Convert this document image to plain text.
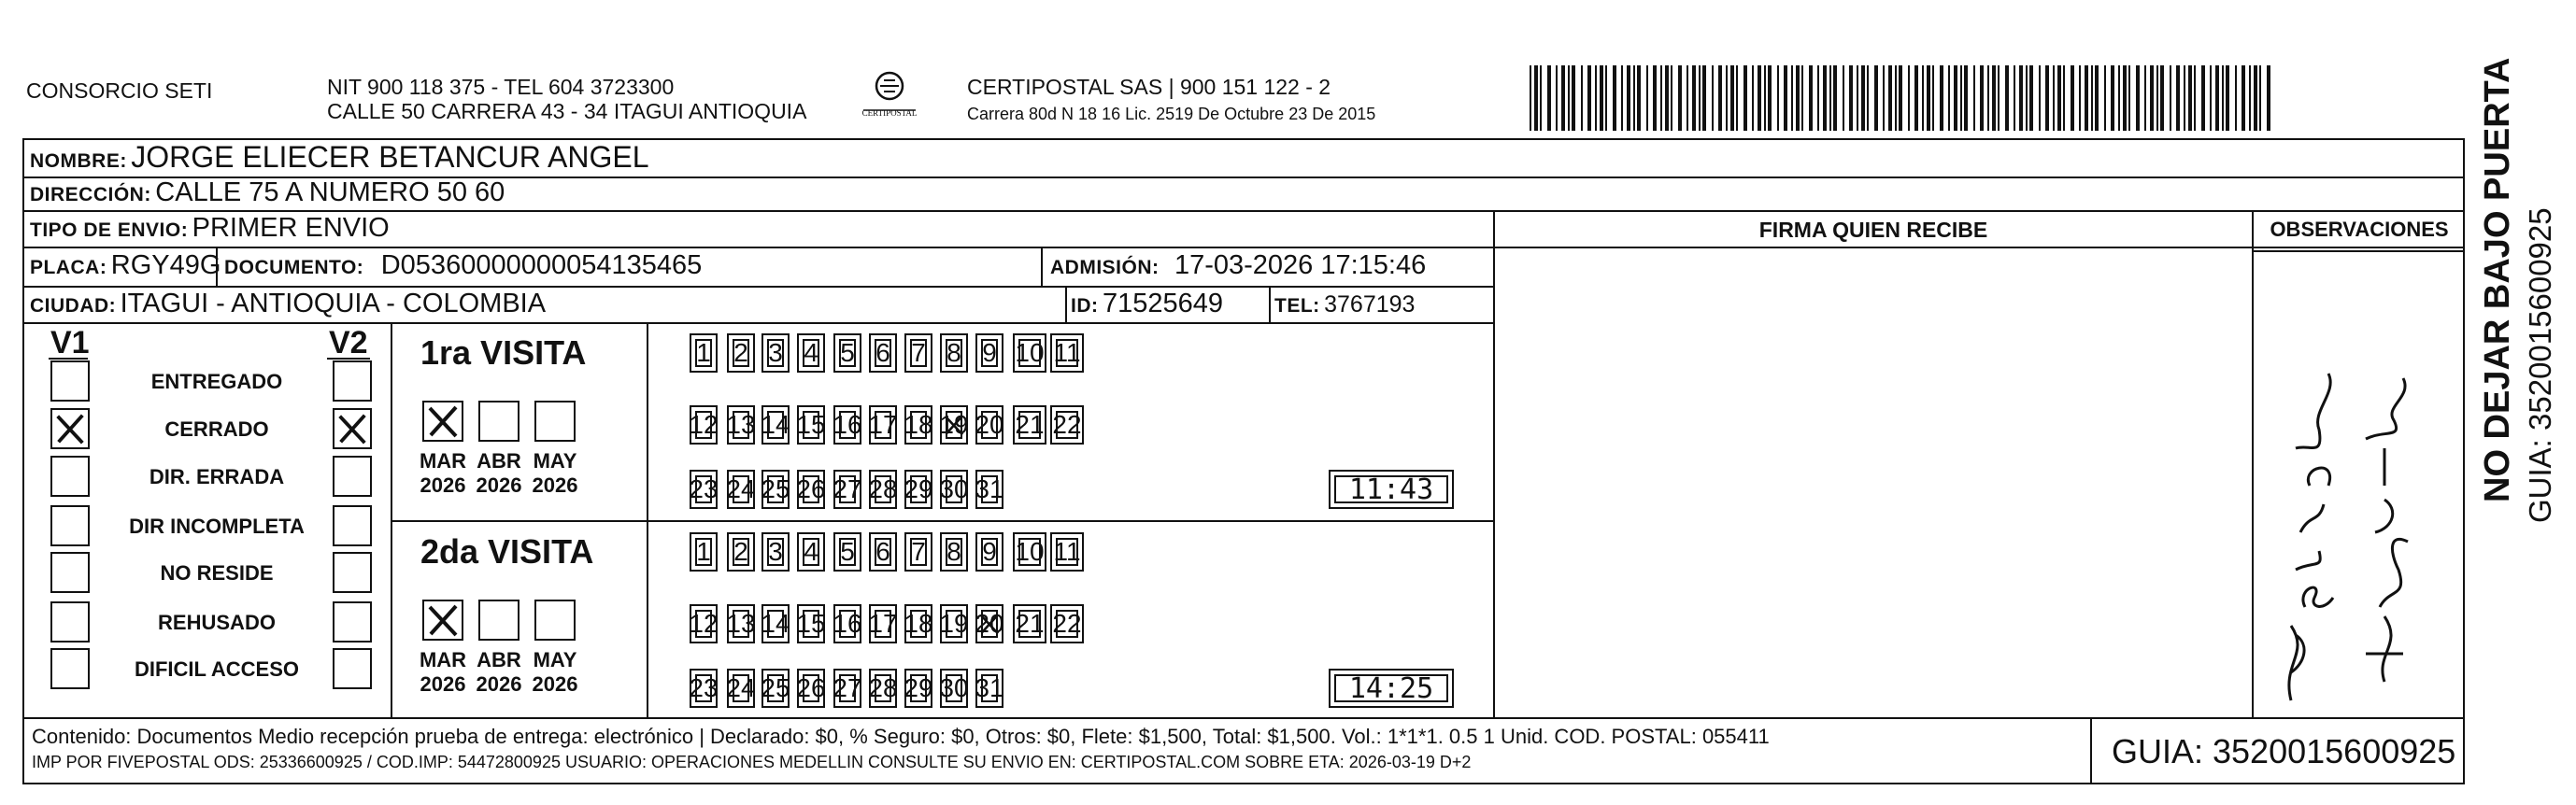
CONSORCIO SETI	NIT 900 118 375 - TEL 604 3723300
CALLE 50 CARRERA 43 - 34 ITAGUI ANTIOQUIA	CERTIPOSTAL
CERTIPOSTAL SAS | 900 151 122 - 2
Carrera 80d N 18 16 Lic. 2519 De Octubre 23 De 2015
NOMBRE: JORGE ELIECER BETANCUR ANGEL
DIRECCIÓN: CALLE 75 A NUMERO 50 60
TIPO DE ENVIO: PRIMER ENVIO
PLACA: RGY49G DOCUMENTO: D05360000000054135465	ADMISIÓN: 17-03-2026 17:15:46
CIUDAD: ITAGUI - ANTIOQUIA - COLOMBIA	ID: 71525649	TEL: 3767193
FIRMA QUIEN RECIBE	OBSERVACIONES
V1	V2
ENTREGADO
CERRADO
DIR. ERRADA
DIR INCOMPLETA
NO RESIDE
REHUSADO
DIFICIL ACCESO
1ra VISITA
MAR
2026
ABR
2026
MAY
2026
1 2 3 4 5 6 7 8 9 10 11
12 13 14 15 16 17 18 19 20 21 22
23 24 25 26 27 28 29 30 31	11:43
2da VISITA
MAR
2026
ABR
2026
MAY
2026
1 2 3 4 5 6 7 8 9 10 11
12 13 14 15 16 17 18 19 20 21 22
23 24 25 26 27 28 29 30 31	14:25
Contenido: Documentos Medio recepción prueba de entrega: electrónico | Declarado: $0, % Seguro: $0, Otros: $0, Flete: $1,500, Total: $1,500. Vol.: 1*1*1. 0.5 1 Unid. COD. POSTAL: 055411
IMP POR FIVEPOSTAL ODS: 25336600925 / COD.IMP: 54472800925 USUARIO: OPERACIONES MEDELLIN CONSULTE SU ENVIO EN: CERTIPOSTAL.COM SOBRE ETA: 2026-03-19 D+2	GUIA: 3520015600925
NO DEJAR BAJO PUERTA GUIA: 3520015600925
